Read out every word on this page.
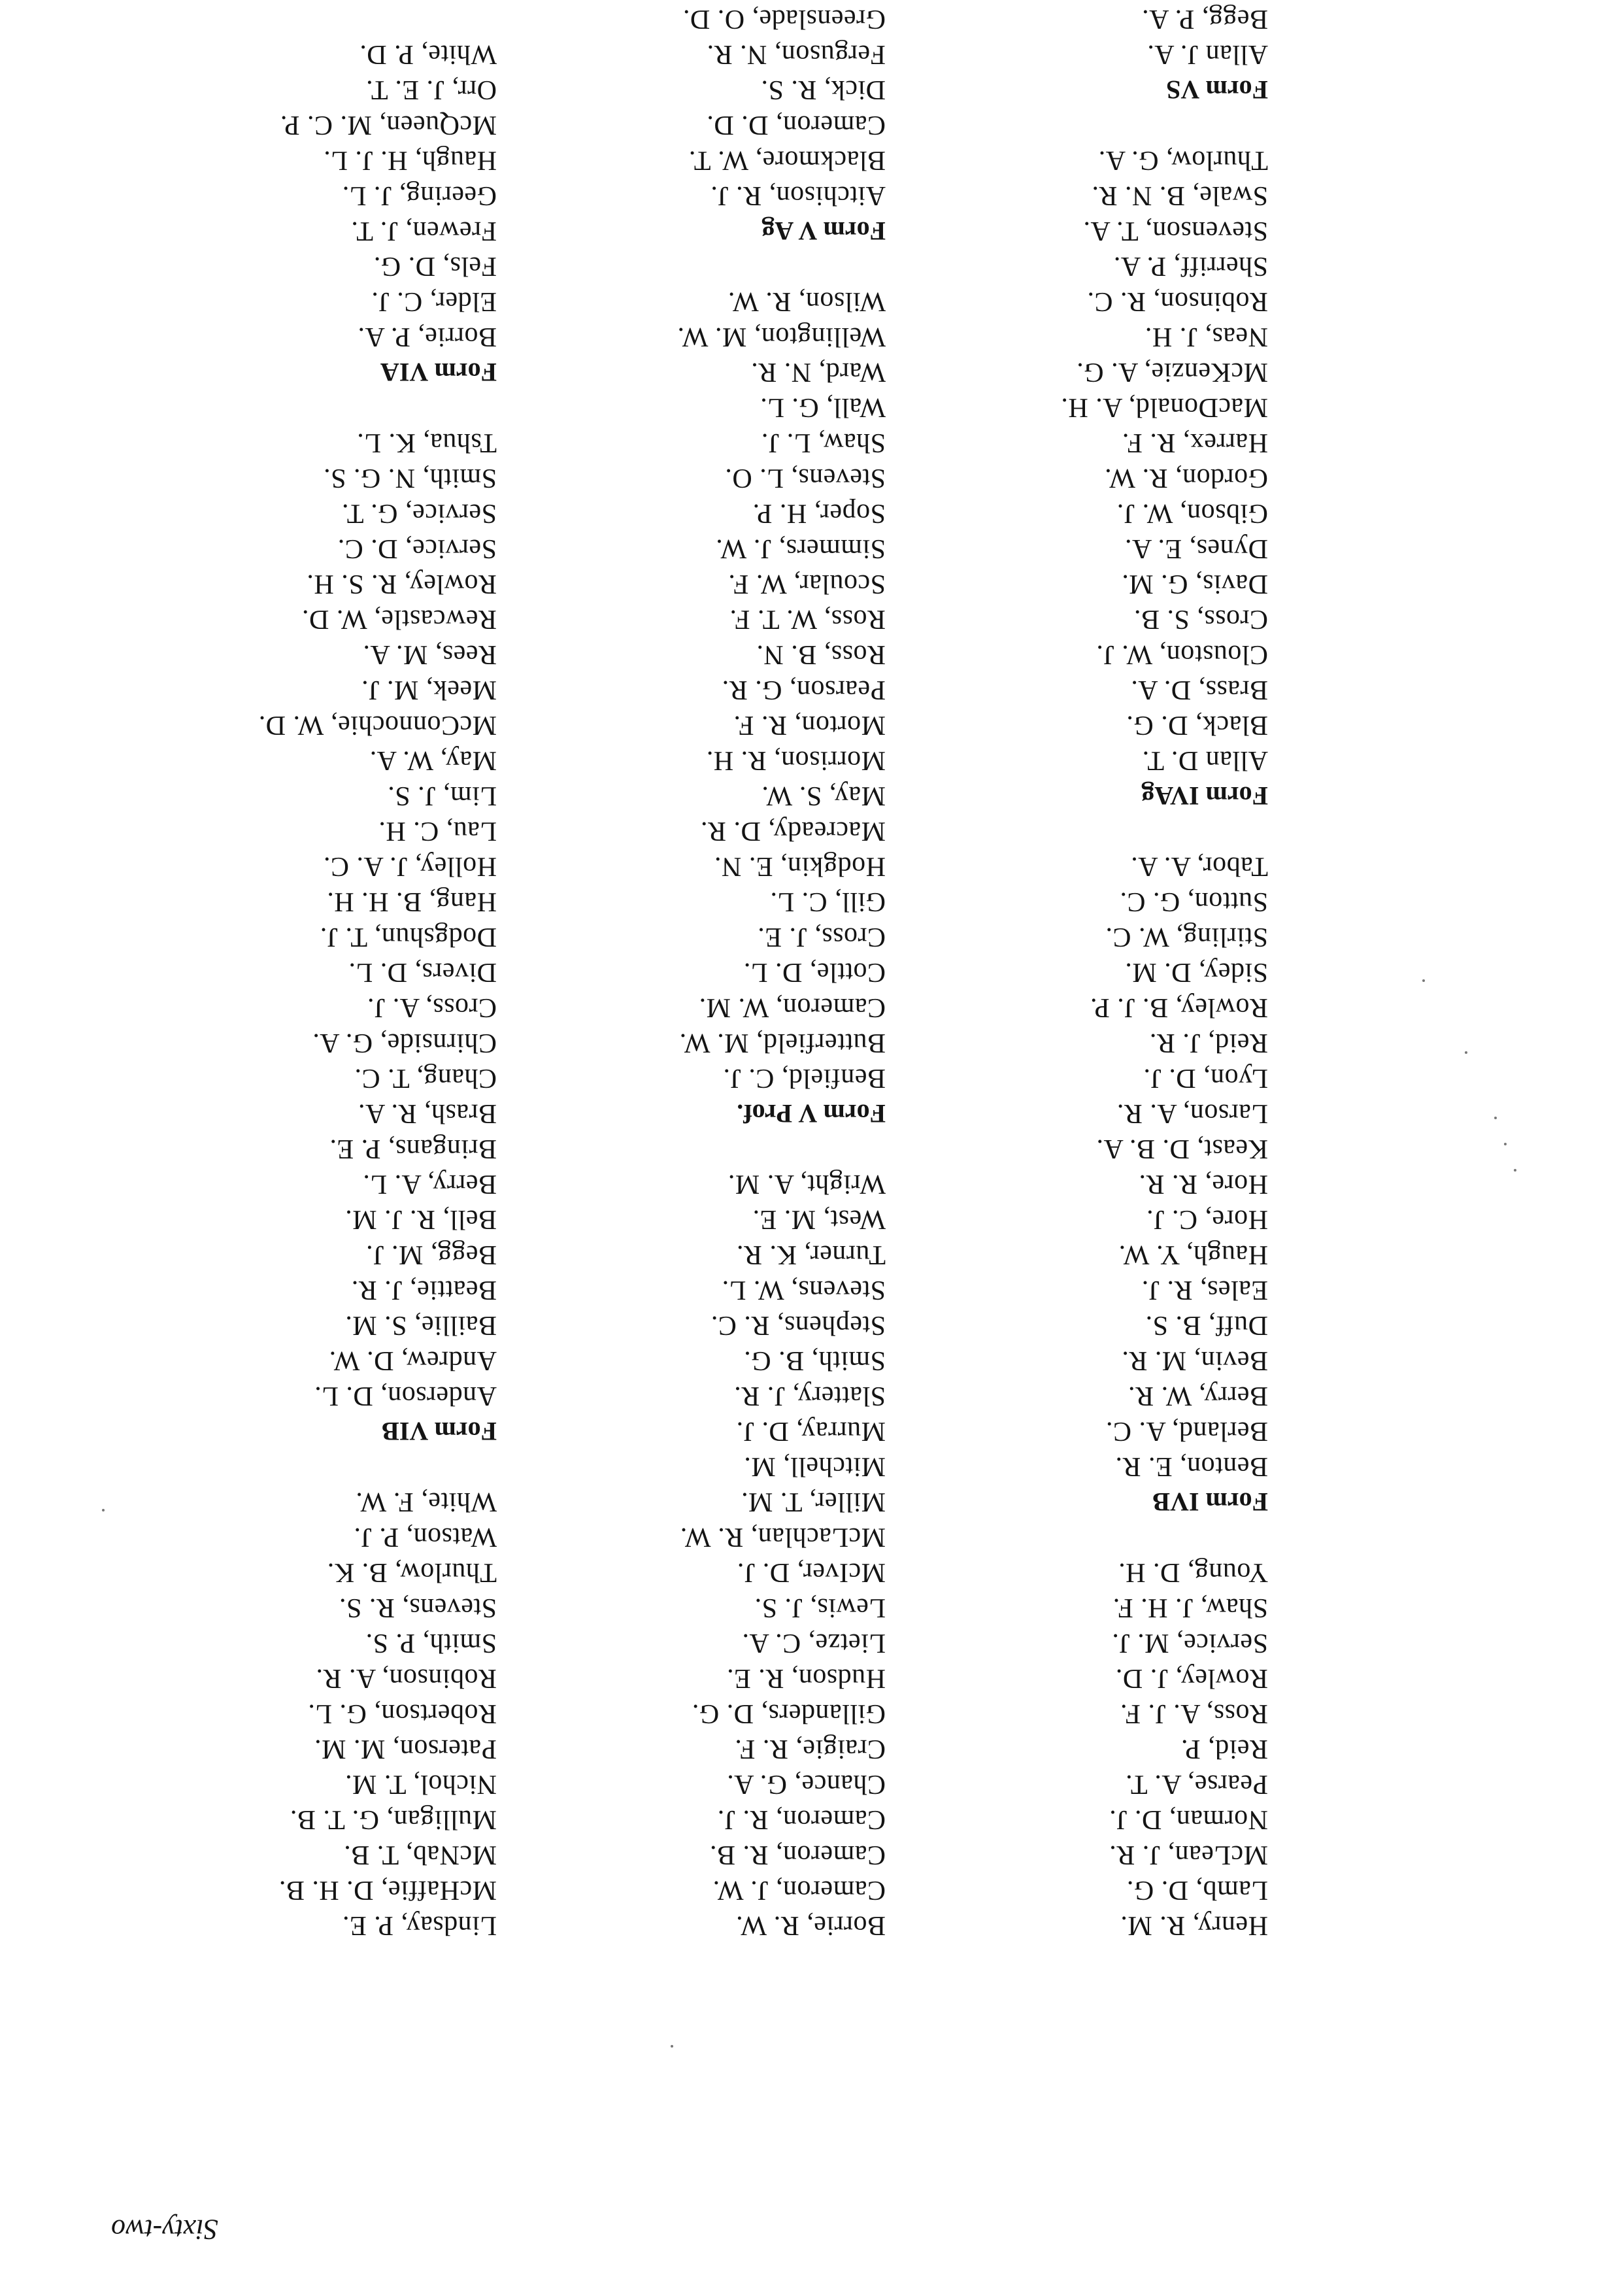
Sixty-two
Henry, R. M.
Lamb, D. G.
McLean, J. R.
Norman, D. J.
Pearse, A. T.
Reid, P.
Ross, A. J. F.
Rowley, J. D.
Service, M. J.
Shaw, J. H. F.
Young, D. H.
Form IVB
Benton, E. R.
Berland, A. C.
Berry, W. R.
Bevin, M. R.
Duff, B. S.
Eales, R. J.
Haugh, Y. W.
Hore, C. J.
Hore, R. R.
Keast, D. B. A.
Larson, A. R.
Lyon, D. J.
Reid, J. R.
Rowley, B. J. P.
Sidey, D. M.
Stirling, W. C.
Sutton, G. C.
Tabor, A. A.
Form IVAg
Allan D. T.
Black, D. G.
Brass, D. A.
Clouston, W. J.
Cross, S. B.
Davis, G. M.
Dynes, E. A.
Gibson, W. J.
Gordon, R. W.
Harrex, R. F.
MacDonald, A. H.
McKenzie, A. G.
Neas, J. H.
Robinson, R. C.
Sherriff, P. A.
Stevenson, T. A.
Swale, B. N. R.
Thurlow, G. A.
Form VS
Allan J. A.
Begg, P. A.
Borrie, R. W.
Cameron, J. W.
Cameron, R. B.
Cameron, R. J.
Chance, G. A.
Craigie, R. F.
Gillanders, D. G.
Hudson, R. E.
Lietze, C. A.
Lewis, J. S.
McIver, D. J.
McLachlan, R. W.
Miller, T. M.
Mitchell, M.
Murray, D. J.
Slattery, J. R.
Smith, B. G.
Stephens, R. C.
Stevens, W. L.
Turner, K. R.
West, M. E.
Wright, A. M.
Form V Prof.
Benfield, C. J.
Butterfield, M. W.
Cameron, W. M.
Cottle, D. L.
Cross, J. E.
Gill, C. L.
Hodgkin, E. N.
Macready, D. R.
May, S. W.
Morrison, R. H.
Morton, R. F.
Pearson, G. R.
Ross, B. N.
Ross, W. T. F.
Scoular, W. F.
Simmers, J. W.
Soper, H. P.
Stevens, L. O.
Shaw, L. J.
Wall, G. L.
Ward, N. R.
Wellington, M. W.
Wilson, R. W.
Form V Ag
Aitchison, R. J.
Blackmore, W. T.
Cameron, D. D.
Dick, R. S.
Ferguson, N. R.
Greenslade, O. D.
Lindsay, P. E.
McHaffie, D. H. B.
McNab, T. B.
Mulligan, G. T. B.
Nichol, T. M.
Paterson, M. M.
Robertson, G. L.
Robinson, A. R.
Smith, P. S.
Stevens, R. S.
Thurlow, B. K.
Watson, P. J.
White, F. W.
Form VIB
Anderson, D. L.
Andrew, D. W.
Baillie, S. M.
Beattie, J. R.
Begg, M. J.
Bell, R. J. M.
Berry, A. L.
Bringans, P. E.
Brash, R. A.
Chang, T. C.
Chirnside, G. A.
Cross, A. J.
Divers, D. L.
Dodgshun, T. J.
Hang, B. H. H.
Holley, J. A. C.
Lau, C. H.
Lim, J. S.
May, W. A.
McConnochie, W. D.
Meek, M. J.
Rees, M. A.
Rewcastle, W. D.
Rowley, R. S. H.
Service, D. C.
Service, G. T.
Smith, N. G. S.
Tshua, K. L.
Form VIA
Borrie, P. A.
Elder, C. J.
Fels, D. G.
Frewen, J. T.
Geering, J. L.
Haugh, H. J. L.
McQueen, M. C. P.
Orr, J. E. T.
White, P. D.
